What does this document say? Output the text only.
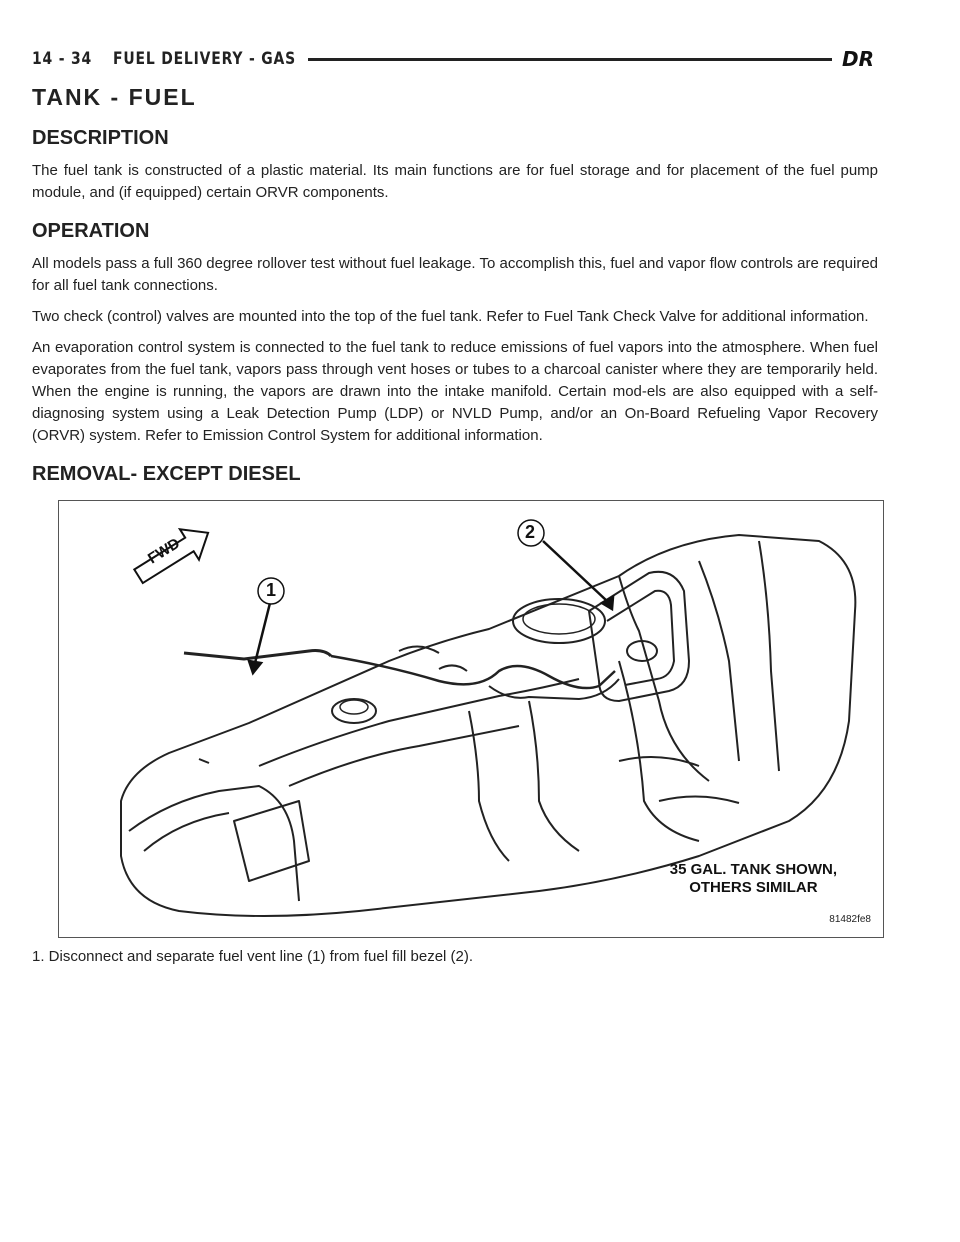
14 - 34 FUEL DELIVERY - GAS	DR
TANK - FUEL
DESCRIPTION

The fuel tank is constructed of a plastic material. Its main functions are for fuel storage and for placement of the fuel pump module, and (if equipped) certain ORVR components.

OPERATION

All models pass a full 360 degree rollover test without fuel leakage. To accomplish this, fuel and vapor flow controls are required for all fuel tank connections.

Two check (control) valves are mounted into the top of the fuel tank. Refer to Fuel Tank Check Valve for additional information.

An evaporation control system is connected to the fuel tank to reduce emissions of fuel vapors into the atmosphere. When fuel evaporates from the fuel tank, vapors pass through vent hoses or tubes to a charcoal canister where they are temporarily held. When the engine is running, the vapors are drawn into the intake manifold. Certain mod-els are also equipped with a self-diagnosing system using a Leak Detection Pump (LDP) or NVLD Pump, and/or an On-Board Refueling Vapor Recovery (ORVR) system. Refer to Emission Control System for additional information.

REMOVAL- EXCEPT DIESEL
1
2
FWD
35 GAL. TANK SHOWN,
OTHERS SIMILAR
81482fe8

1. Disconnect and separate fuel vent line (1) from fuel fill bezel (2).
